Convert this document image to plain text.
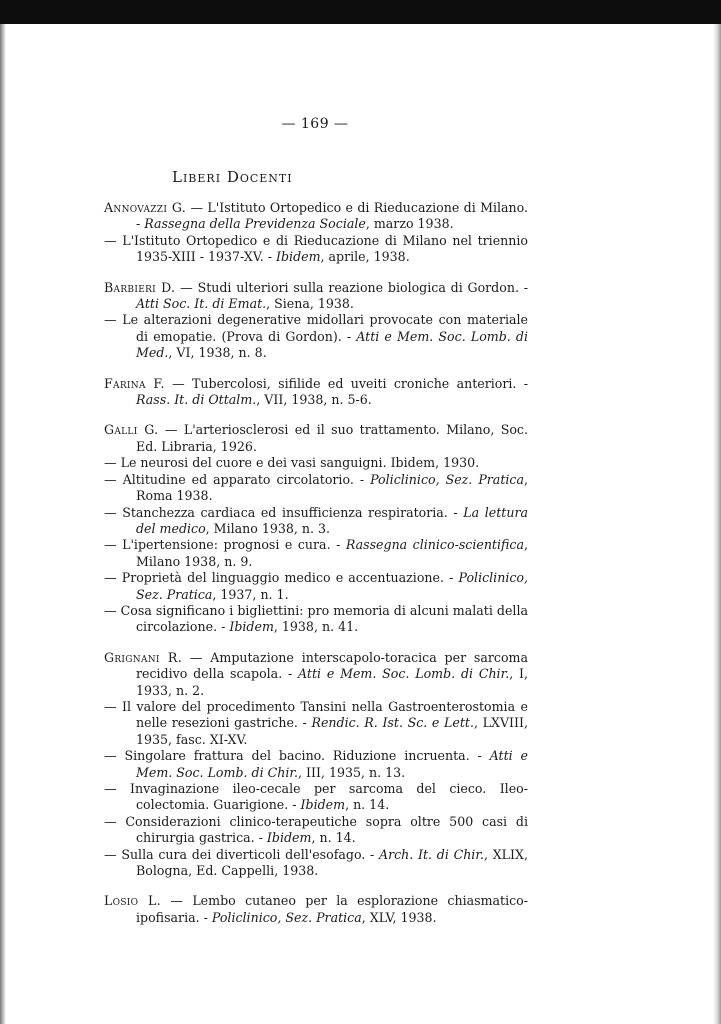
— 169 —
Liberi Docenti
Annovazzi G. — L'Istituto Ortopedico e di Rieducazione di Milano. - Rassegna della Previdenza Sociale, marzo 1938.
— L'Istituto Ortopedico e di Rieducazione di Milano nel triennio 1935-XIII - 1937-XV. - Ibidem, aprile, 1938.
Barbieri D. — Studi ulteriori sulla reazione biologica di Gordon. - Atti Soc. It. di Emat., Siena, 1938.
— Le alterazioni degenerative midollari provocate con materiale di emopatie. (Prova di Gordon). - Atti e Mem. Soc. Lomb. di Med., VI, 1938, n. 8.
Farina F. — Tubercolosi, sifilide ed uveiti croniche anteriori. - Rass. It. di Ottalm., VII, 1938, n. 5-6.
Galli G. — L'arteriosclerosi ed il suo trattamento. Milano, Soc. Ed. Libraria, 1926.
— Le neurosi del cuore e dei vasi sanguigni. Ibidem, 1930.
— Altitudine ed apparato circolatorio. - Policlinico, Sez. Pratica, Roma 1938.
— Stanchezza cardiaca ed insufficienza respiratoria. - La lettura del medico, Milano 1938, n. 3.
— L'ipertensione: prognosi e cura. - Rassegna clinico-scientifica, Milano 1938, n. 9.
— Proprietà del linguaggio medico e accentuazione. - Policlinico, Sez. Pratica, 1937, n. 1.
— Cosa significano i bigliettini: pro memoria di alcuni malati della circolazione. - Ibidem, 1938, n. 41.
Grignani R. — Amputazione interscapolo-toracica per sarcoma recidivo della scapola. - Atti e Mem. Soc. Lomb. di Chir., I, 1933, n. 2.
— Il valore del procedimento Tansini nella Gastroenterostomia e nelle resezioni gastriche. - Rendic. R. Ist. Sc. e Lett., LXVIII, 1935, fasc. XI-XV.
— Singolare frattura del bacino. Riduzione incruenta. - Atti e Mem. Soc. Lomb. di Chir., III, 1935, n. 13.
— Invaginazione ileo-cecale per sarcoma del cieco. Ileo-colectomia. Guarigione. - Ibidem, n. 14.
— Considerazioni clinico-terapeutiche sopra oltre 500 casi di chirurgia gastrica. - Ibidem, n. 14.
— Sulla cura dei diverticoli dell'esofago. - Arch. It. di Chir., XLIX, Bologna, Ed. Cappelli, 1938.
Losio L. — Lembo cutaneo per la esplorazione chiasmatico-ipofisaria. - Policlinico, Sez. Pratica, XLV, 1938.
